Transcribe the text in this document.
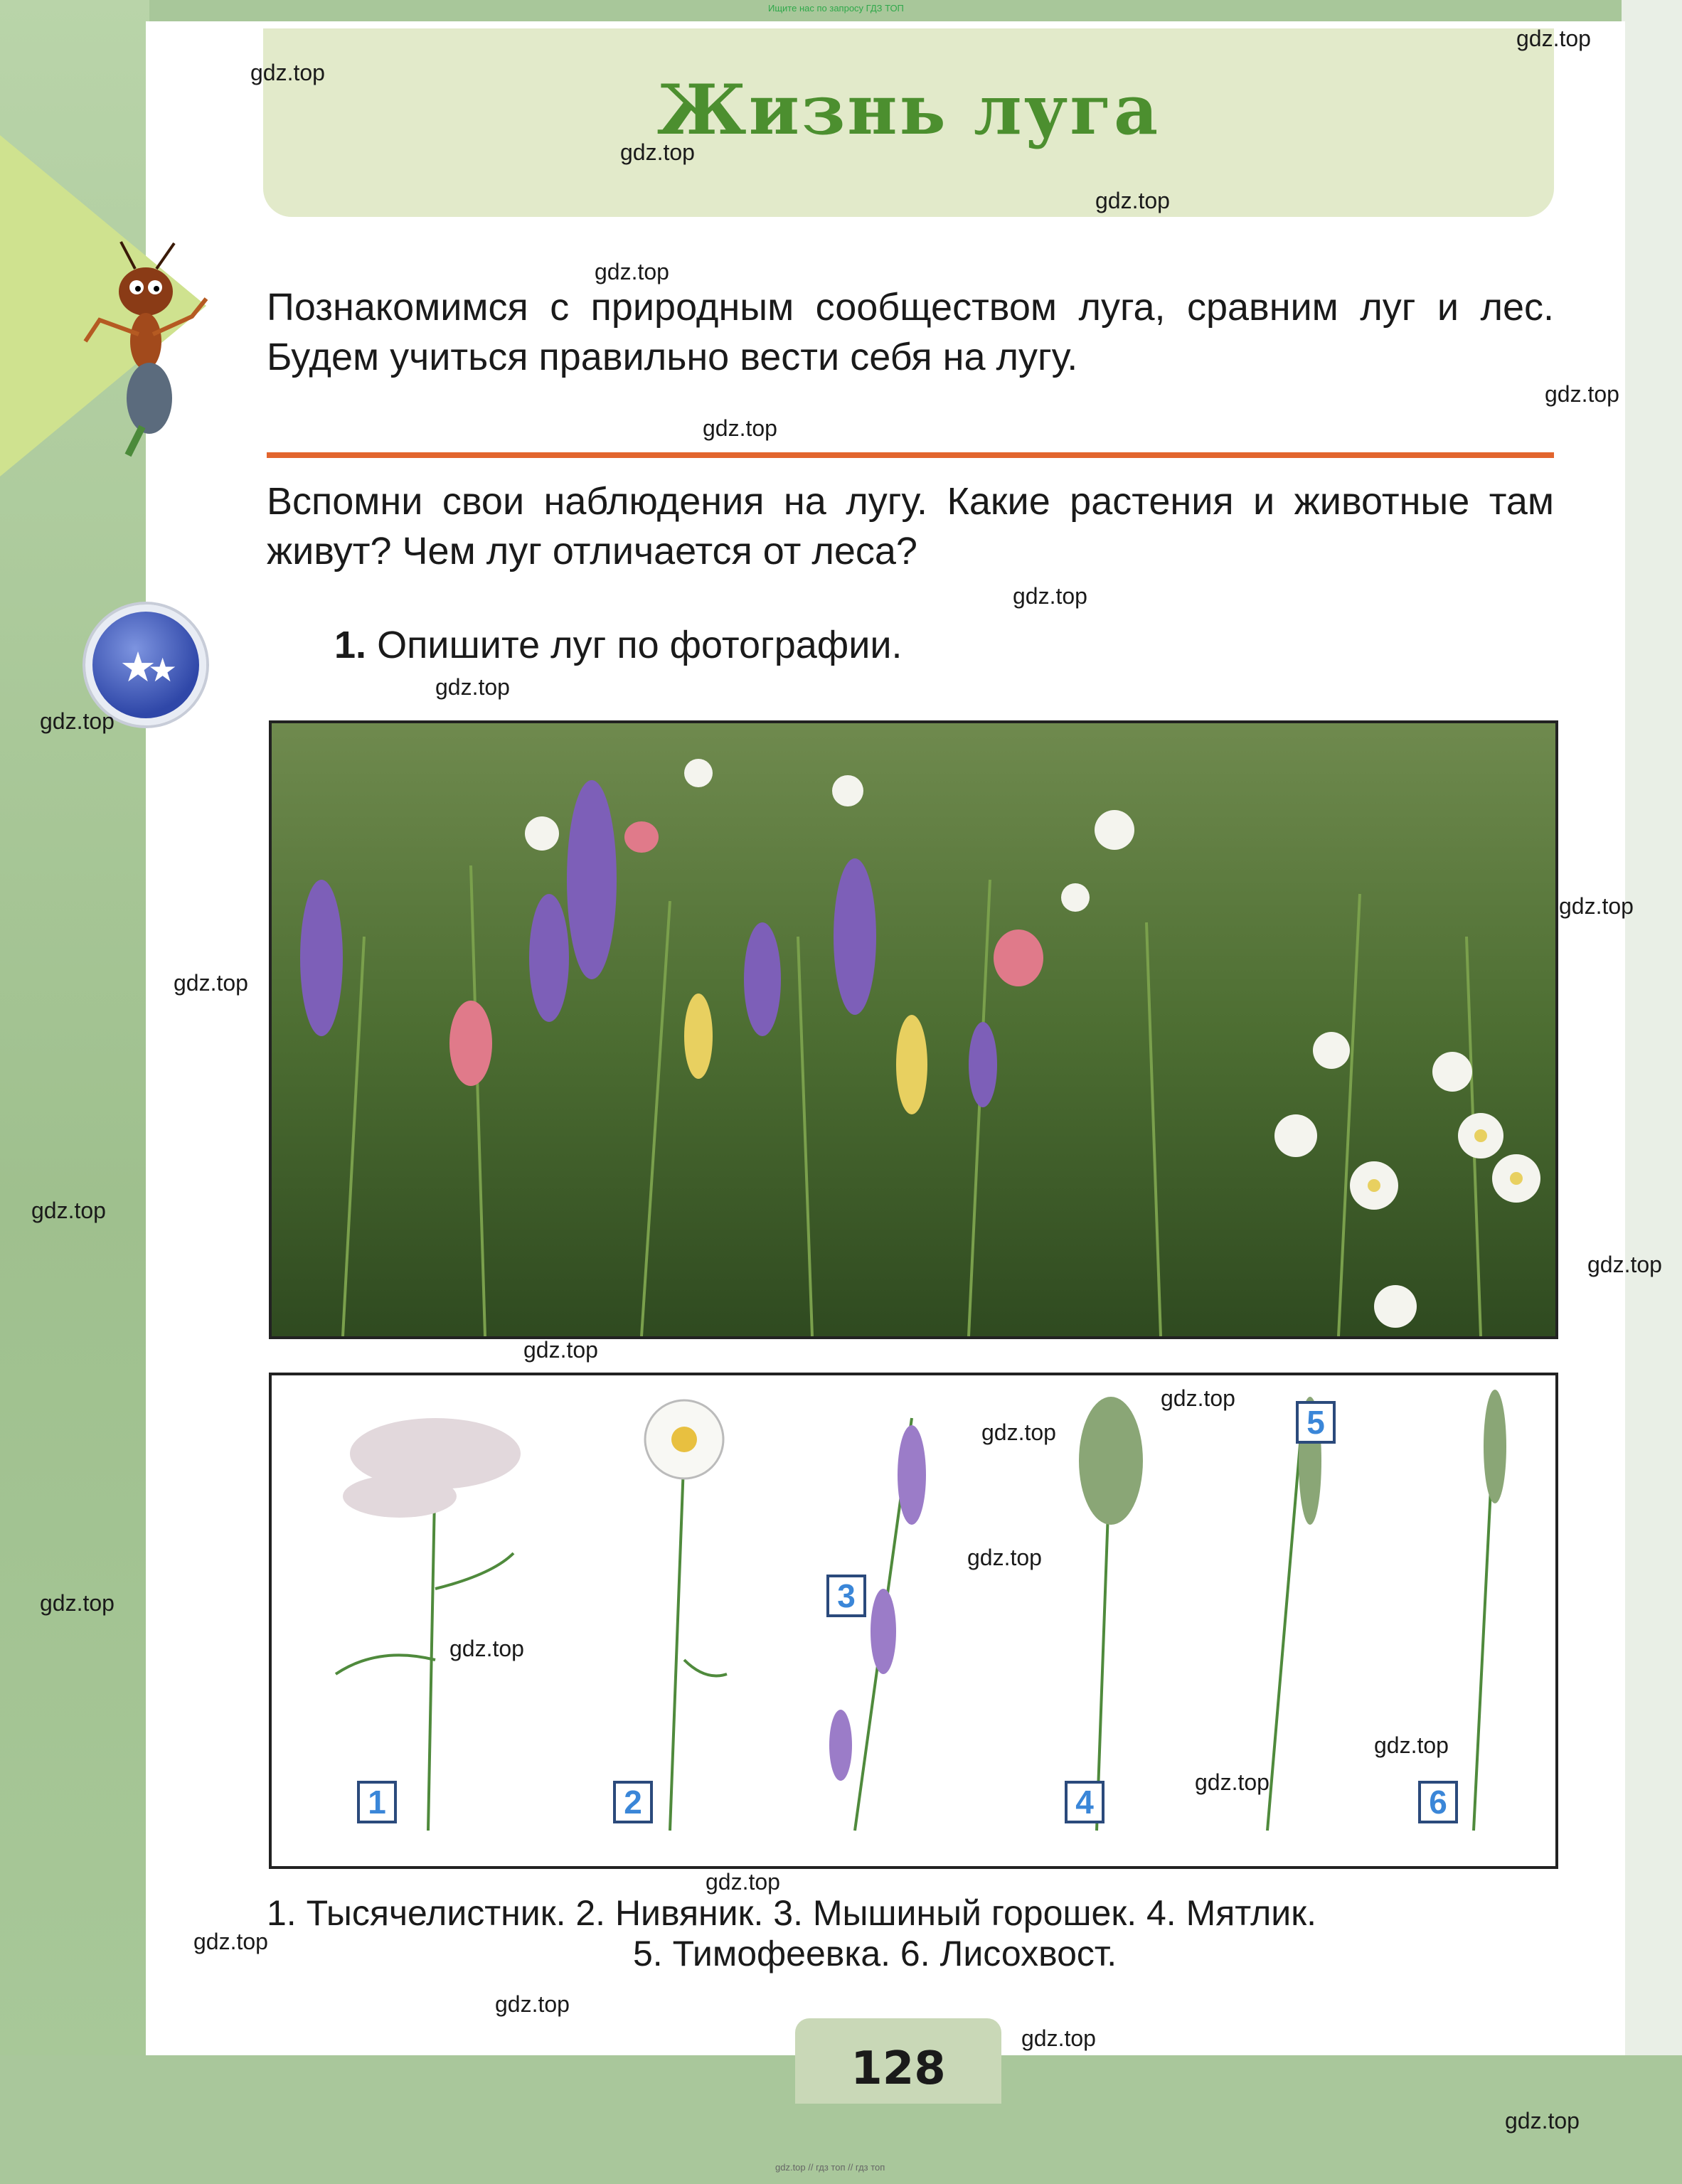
Ищите нас по запросу ГДЗ ТОП
Жизнь луга
★
★
Познакомимся с природным сообществом луга, сравним луг и лес. Будем учиться правильно вести себя на лугу.
Вспомни свои наблюдения на лугу. Какие растения и животные там живут? Чем луг отличается от леса?
1. Опишите луг по фотографии.
1	2
3
4
5
6
1. Тысячелистник. 2. Нивяник. 3. Мышиный горошек. 4. Мятлик.
5. Тимофеевка. 6. Лисохвост.
128
gdz.top // гдз топ // гдз топ
gdz.top
gdz.top
gdz.top
gdz.top
gdz.top
gdz.top
gdz.top
gdz.top
gdz.top
gdz.top
gdz.top
gdz.top
gdz.top
gdz.top
gdz.top
gdz.top
gdz.top
gdz.top
gdz.top
gdz.top
gdz.top
gdz.top
gdz.top
gdz.top
gdz.top
gdz.top
gdz.top
